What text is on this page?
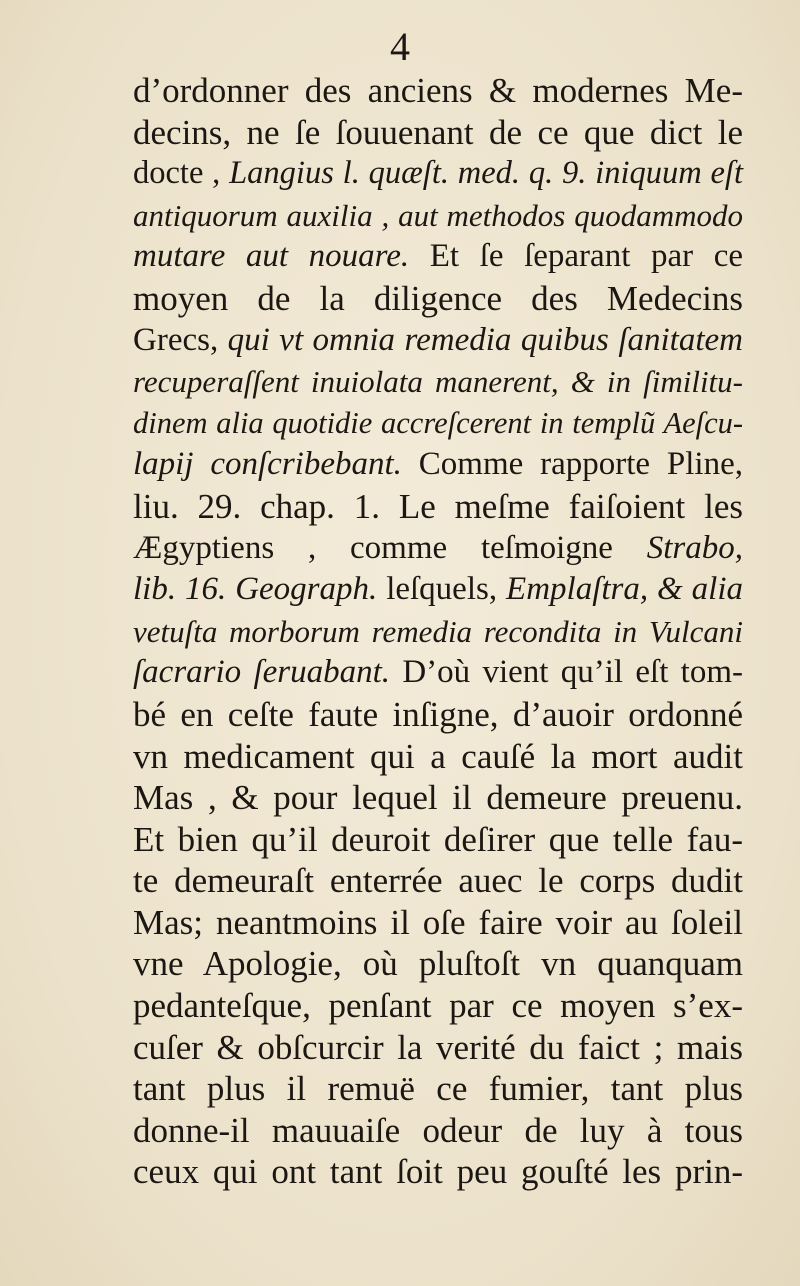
4
d’ordonner des anciens & modernes Me-
decins, ne ſe ſouuenant de ce que dict le
docte , Langius l. quæſt. med. q. 9. iniquum eſt
antiquorum auxilia , aut methodos quodammodo
mutare aut nouare. Et ſe ſeparant par ce
moyen de la diligence des Medecins
Grecs, qui vt omnia remedia quibus ſanitatem
recuperaſſent inuiolata manerent, & in ſimilitu-
dinem alia quotidie accreſcerent in templũ Aeſcu-
lapij conſcribebant. Comme rapporte Pline,
liu. 29. chap. 1. Le meſme faiſoient les
Ægyptiens , comme teſmoigne Strabo,
lib. 16. Geograph. leſquels, Emplaſtra, & alia
vetuſta morborum remedia recondita in Vulcani
ſacrario ſeruabant. D’où vient qu’il eſt tom-
bé en ceſte faute inſigne, d’auoir ordonné
vn medicament qui a cauſé la mort audit
Mas , & pour lequel il demeure preuenu.
Et bien qu’il deuroit deſirer que telle fau-
te demeuraſt enterrée auec le corps dudit
Mas; neantmoins il oſe faire voir au ſoleil
vne Apologie, où pluſtoſt vn quanquam
pedanteſque, penſant par ce moyen s’ex-
cuſer & obſcurcir la verité du faict ; mais
tant plus il remuë ce fumier, tant plus
donne-il mauuaiſe odeur de luy à tous
ceux qui ont tant ſoit peu gouſté les prin-
